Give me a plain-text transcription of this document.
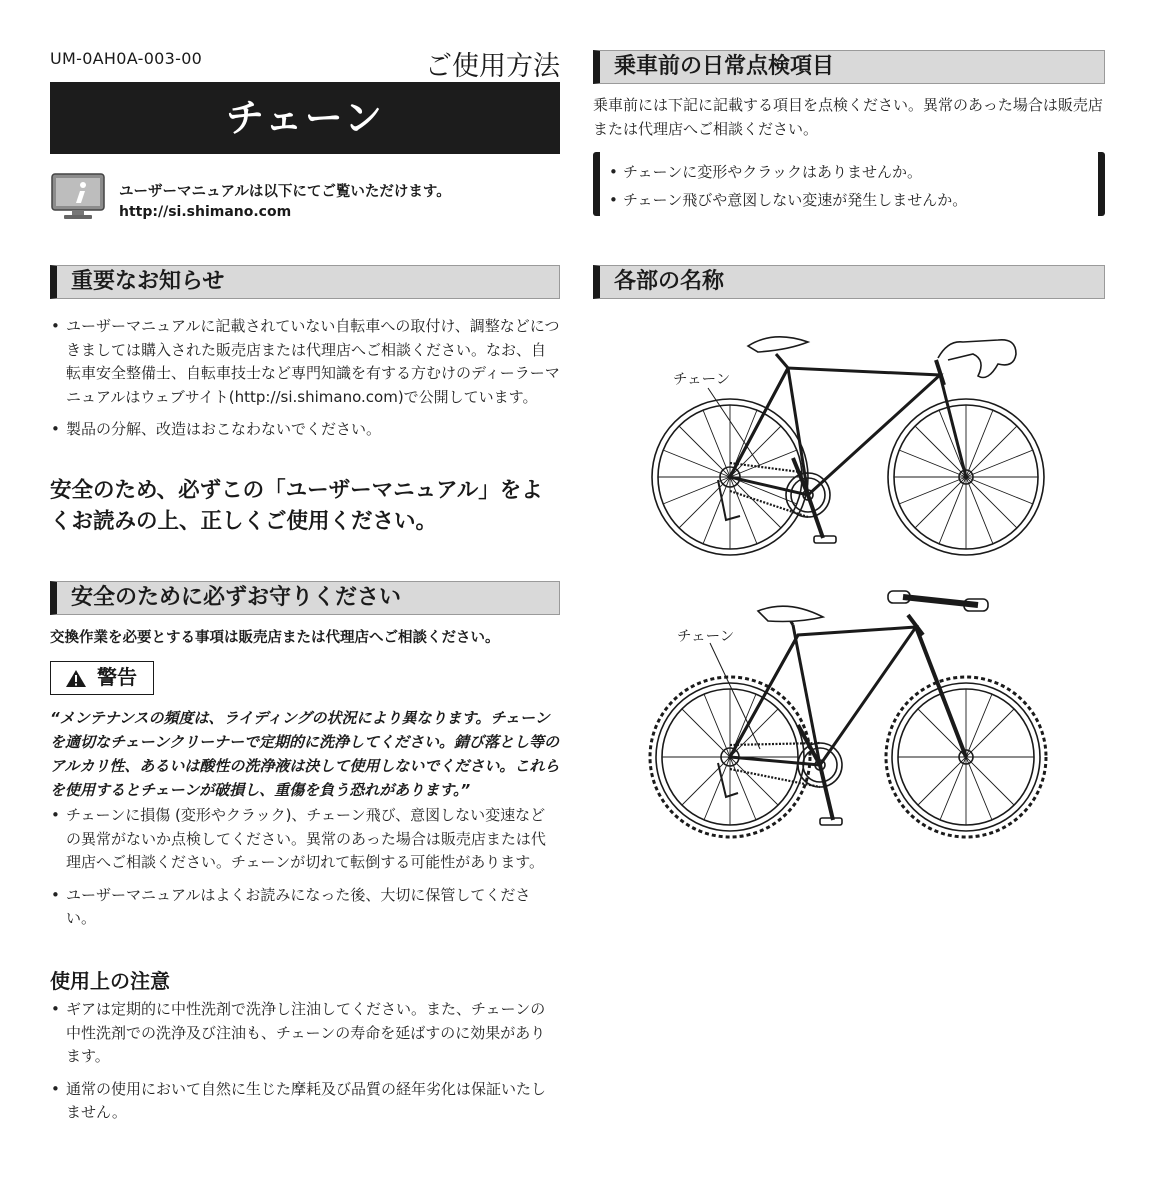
UM-0AH0A-003-00	ご使用方法
チェーン
ユーザーマニュアルは以下にてご覧いただけます。
http://si.shimano.com
重要なお知らせ
• ユーザーマニュアルに記載されていない自転車への取付け、調整などにつきましては購入された販売店または代理店へご相談ください。なお、自転車安全整備士、自転車技士など専門知識を有する方むけのディーラーマニュアルはウェブサイト(http://si.shimano.com)で公開しています。
• 製品の分解、改造はおこなわないでください。
安全のため、必ずこの「ユーザーマニュアル」をよくお読みの上、正しくご使用ください。
安全のために必ずお守りください
交換作業を必要とする事項は販売店または代理店へご相談ください。
警告
“メンテナンスの頻度は、ライディングの状況により異なります。チェーンを適切なチェーンクリーナーで定期的に洗浄してください。錆び落とし等のアルカリ性、あるいは酸性の洗浄液は決して使用しないでください。これらを使用するとチェーンが破損し、重傷を負う恐れがあります。”
• チェーンに損傷 (変形やクラック)、チェーン飛び、意図しない変速などの異常がないか点検してください。異常のあった場合は販売店または代理店へご相談ください。チェーンが切れて転倒する可能性があります。
• ユーザーマニュアルはよくお読みになった後、大切に保管してください。
使用上の注意
• ギアは定期的に中性洗剤で洗浄し注油してください。また、チェーンの中性洗剤での洗浄及び注油も、チェーンの寿命を延ばすのに効果があります。
• 通常の使用において自然に生じた摩耗及び品質の経年劣化は保証いたしません。
乗車前の日常点検項目
乗車前には下記に記載する項目を点検ください。異常のあった場合は販売店または代理店へご相談ください。
• チェーンに変形やクラックはありませんか。
• チェーン飛びや意図しない変速が発生しませんか。
各部の名称
チェーン
チェーン
